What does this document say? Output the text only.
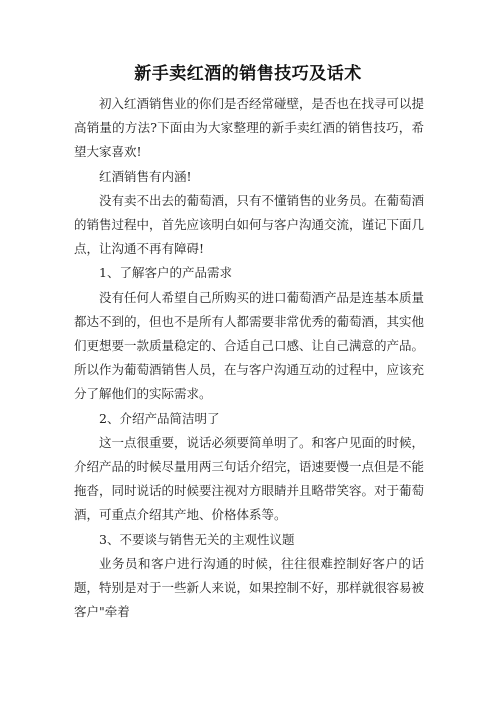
新手卖红酒的销售技巧及话术

初入红酒销售业的你们是否经常碰壁，是否也在找寻可以提高销量的方法?下面由为大家整理的新手卖红酒的销售技巧，希望大家喜欢!

红酒销售有内涵!

没有卖不出去的葡萄酒，只有不懂销售的业务员。在葡萄酒的销售过程中，首先应该明白如何与客户沟通交流，谨记下面几点，让沟通不再有障碍!

1、了解客户的产品需求

没有任何人希望自己所购买的进口葡萄酒产品是连基本质量都达不到的，但也不是所有人都需要非常优秀的葡萄酒，其实他们更想要一款质量稳定的、合适自己口感、让自己满意的产品。所以作为葡萄酒销售人员，在与客户沟通互动的过程中，应该充分了解他们的实际需求。

2、介绍产品简洁明了

这一点很重要，说话必须要简单明了。和客户见面的时候，介绍产品的时候尽量用两三句话介绍完，语速要慢一点但是不能拖沓，同时说话的时候要注视对方眼睛并且略带笑容。对于葡萄酒，可重点介绍其产地、价格体系等。

3、不要谈与销售无关的主观性议题

业务员和客户进行沟通的时候，往往很难控制好客户的话题，特别是对于一些新人来说，如果控制不好，那样就很容易被客户"牵着
